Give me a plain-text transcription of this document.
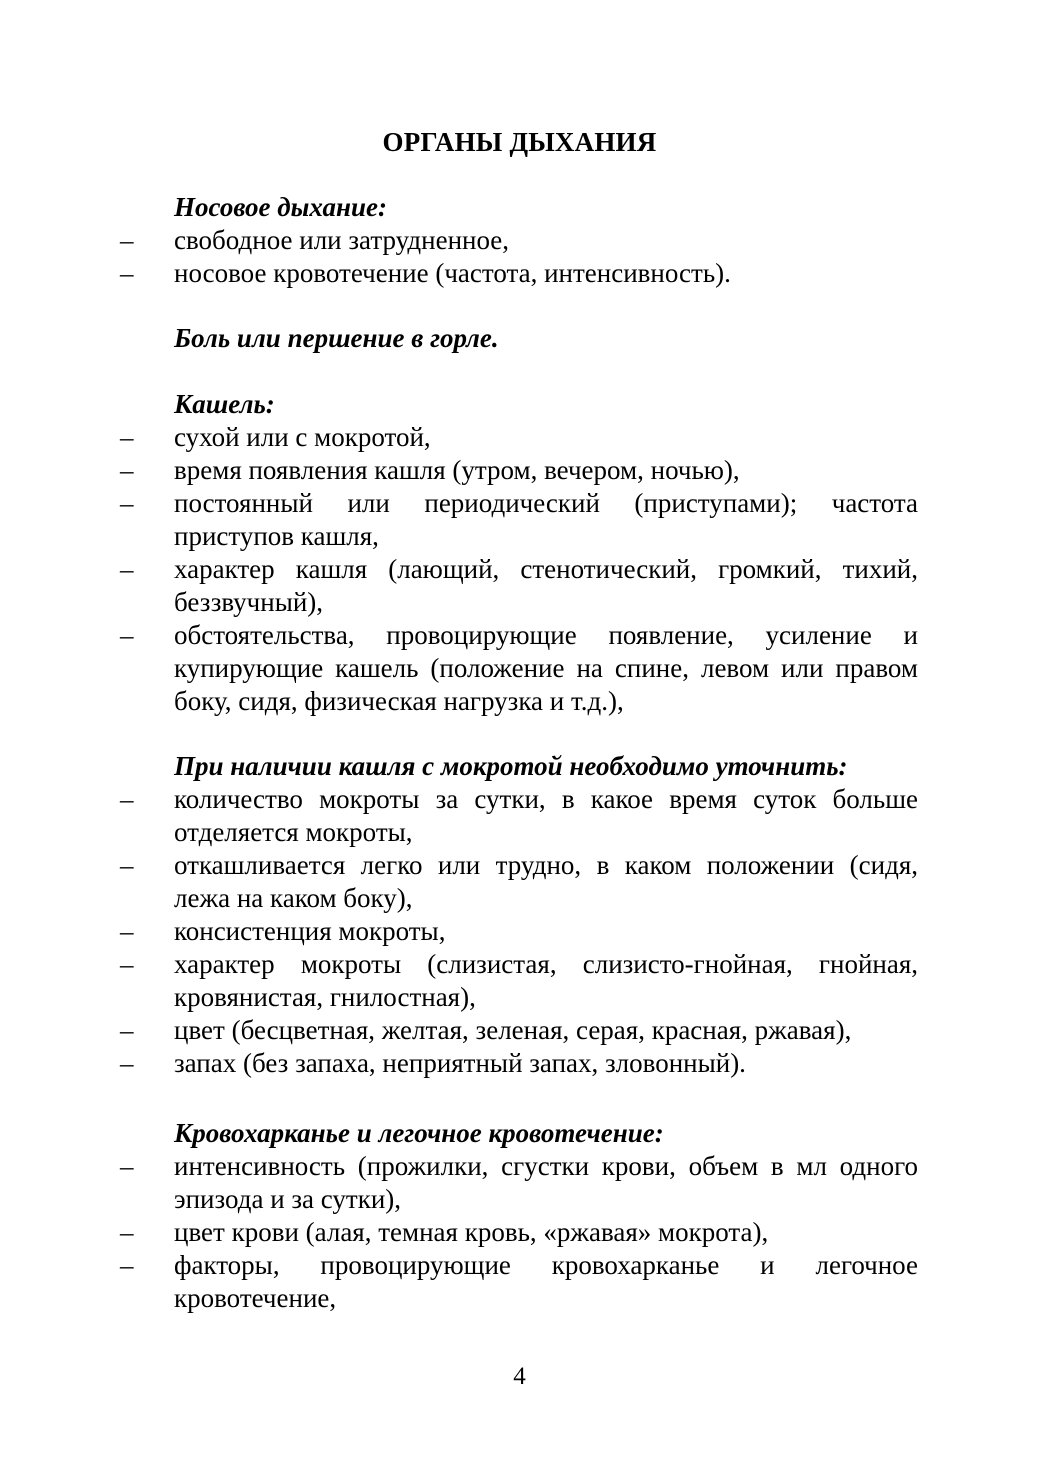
ОРГАНЫ ДЫХАНИЯ

Носовое дыхание:

–	свободное или затрудненное,
–	носовое кровотечение (частота, интенсивность).

Боль или першение в горле.

Кашель:

–	сухой или с мокротой,
–	время появления кашля (утром, вечером, ночью),
–	постоянный или периодический (приступами); частота приступов кашля,
–	характер кашля (лающий, стенотический, громкий, тихий, беззвучный),
–	обстоятельства, провоцирующие появление, усиление и купирующие кашель (положение на спине, левом или правом боку, сидя, физическая нагрузка и т.д.),

При наличии кашля с мокротой необходимо уточнить:

–	количество мокроты за сутки, в какое время суток больше отделяется мокроты,
–	откашливается легко или трудно, в каком положении (сидя, лежа на каком боку),
–	консистенция мокроты,
–	характер мокроты (слизистая, слизисто-гнойная, гнойная, кровянистая, гнилостная),
–	цвет (бесцветная, желтая, зеленая, серая, красная, ржавая),
–	запах (без запаха, неприятный запах, зловонный).

Кровохарканье и легочное кровотечение:

–	интенсивность (прожилки, сгустки крови, объем в мл одного эпизода и за сутки),
–	цвет крови (алая, темная кровь, «ржавая» мокрота),
–	факторы, провоцирующие кровохарканье и легочное кровотечение,
4
